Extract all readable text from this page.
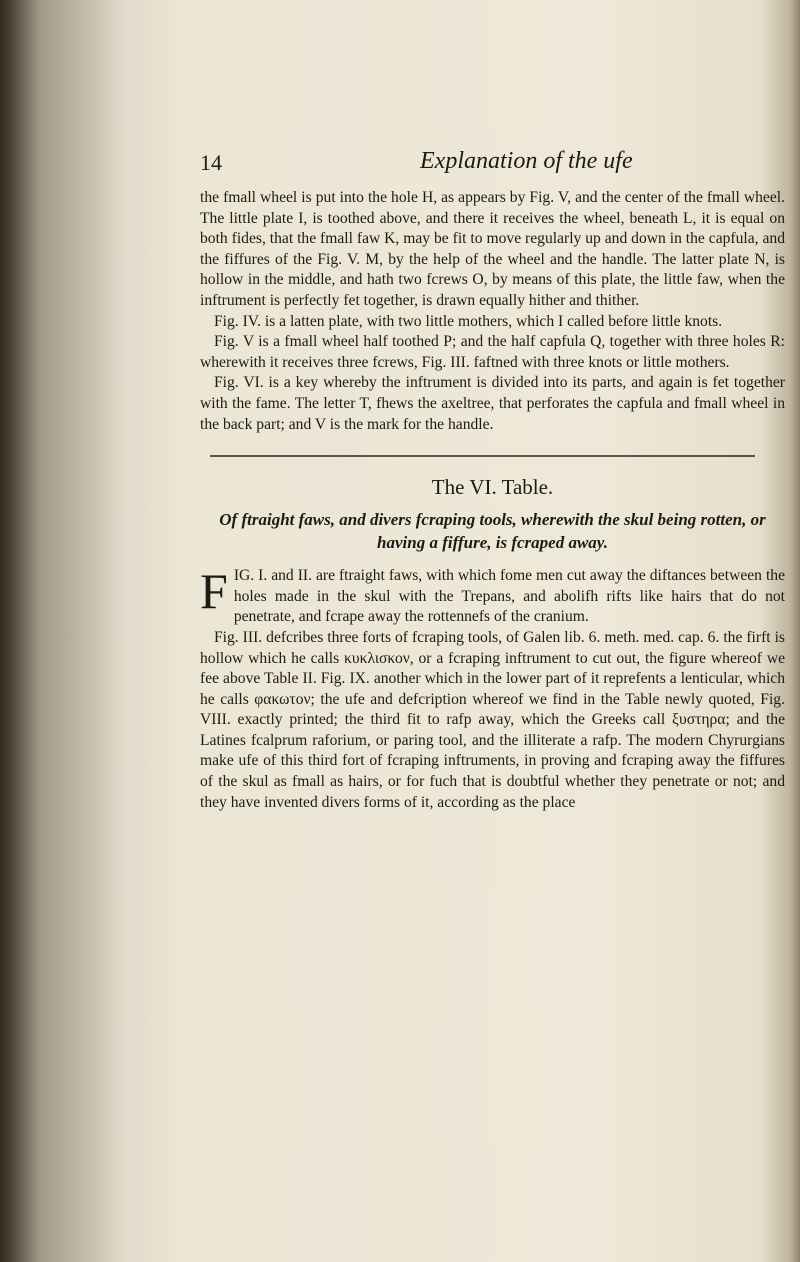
14	Explanation of the ufe

the fmall wheel is put into the hole H, as appears by Fig. V, and the center of the fmall wheel. The little plate I, is toothed above, and there it receives the wheel, beneath L, it is equal on both fides, that the fmall faw K, may be fit to move regularly up and down in the capfula, and the fiffures of the Fig. V. M, by the help of the wheel and the handle. The latter plate N, is hollow in the middle, and hath two fcrews O, by means of this plate, the little faw, when the inftrument is perfectly fet together, is drawn equally hither and thither.

Fig. IV. is a latten plate, with two little mothers, which I called before little knots.

Fig. V is a fmall wheel half toothed P; and the half capfula Q, together with three holes R: wherewith it receives three fcrews, Fig. III. faftned with three knots or little mothers.

Fig. VI. is a key whereby the inftrument is divided into its parts, and again is fet together with the fame. The letter T, fhews the axeltree, that perforates the capfula and fmall wheel in the back part; and V is the mark for the handle.

The VI. Table.
Of ftraight faws, and divers fcraping tools, wherewith the skul being rotten, or having a fiffure, is fcraped away.
F IG. I. and II. are ftraight faws, with which fome men cut away the diftances between the holes made in the skul with the Trepans, and abolifh rifts like hairs that do not penetrate, and fcrape away the rottennefs of the cranium.

Fig. III. defcribes three forts of fcraping tools, of Galen lib. 6. meth. med. cap. 6. the firft is hollow which he calls κυκλισκον, or a fcraping inftrument to cut out, the figure whereof we fee above Table II. Fig. IX. another which in the lower part of it reprefents a lenticular, which he calls φακωτον; the ufe and defcription whereof we find in the Table newly quoted, Fig. VIII. exactly printed; the third fit to rafp away, which the Greeks call ξυστηρα; and the Latines fcalprum raforium, or paring tool, and the illiterate a rafp. The modern Chyrurgians make ufe of this third fort of fcraping inftruments, in proving and fcraping away the fiffures of the skul as fmall as hairs, or for fuch that is doubtful whether they penetrate or not; and they have invented divers forms of it, according as the place
